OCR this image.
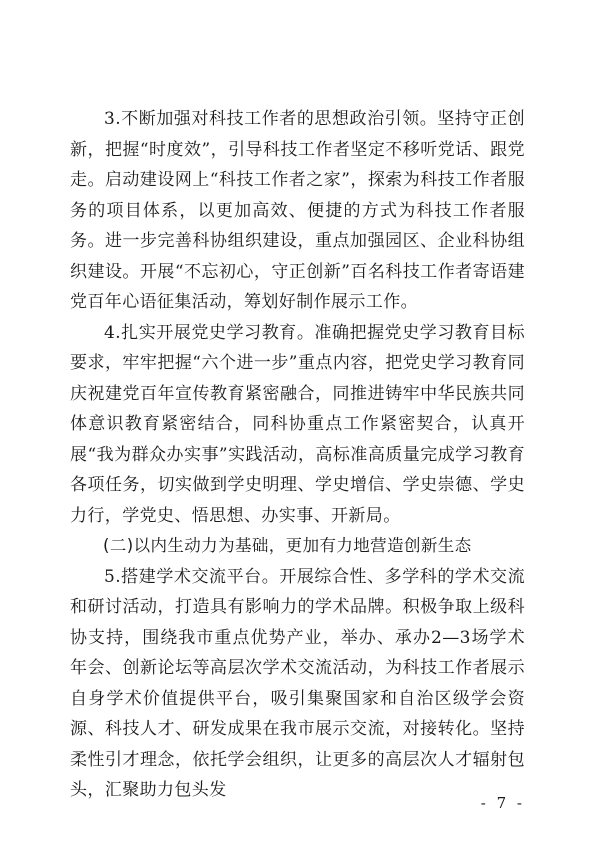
3.不断加强对科技工作者的思想政治引领。坚持守正创新，把握“时度效”，引导科技工作者坚定不移听党话、跟党走。启动建设网上“科技工作者之家”，探索为科技工作者服务的项目体系，以更加高效、便捷的方式为科技工作者服务。进一步完善科协组织建设，重点加强园区、企业科协组织建设。开展“不忘初心，守正创新”百名科技工作者寄语建党百年心语征集活动，筹划好制作展示工作。

4.扎实开展党史学习教育。准确把握党史学习教育目标要求，牢牢把握“六个进一步”重点内容，把党史学习教育同庆祝建党百年宣传教育紧密融合，同推进铸牢中华民族共同体意识教育紧密结合，同科协重点工作紧密契合，认真开展“我为群众办实事”实践活动，高标准高质量完成学习教育各项任务，切实做到学史明理、学史增信、学史崇德、学史力行，学党史、悟思想、办实事、开新局。

(二)以内生动力为基础，更加有力地营造创新生态

5.搭建学术交流平台。开展综合性、多学科的学术交流和研讨活动，打造具有影响力的学术品牌。积极争取上级科协支持，围绕我市重点优势产业，举办、承办2—3场学术年会、创新论坛等高层次学术交流活动，为科技工作者展示自身学术价值提供平台，吸引集聚国家和自治区级学会资源、科技人才、研发成果在我市展示交流，对接转化。坚持柔性引才理念，依托学会组织，让更多的高层次人才辐射包头，汇聚助力包头发

- 7 -
